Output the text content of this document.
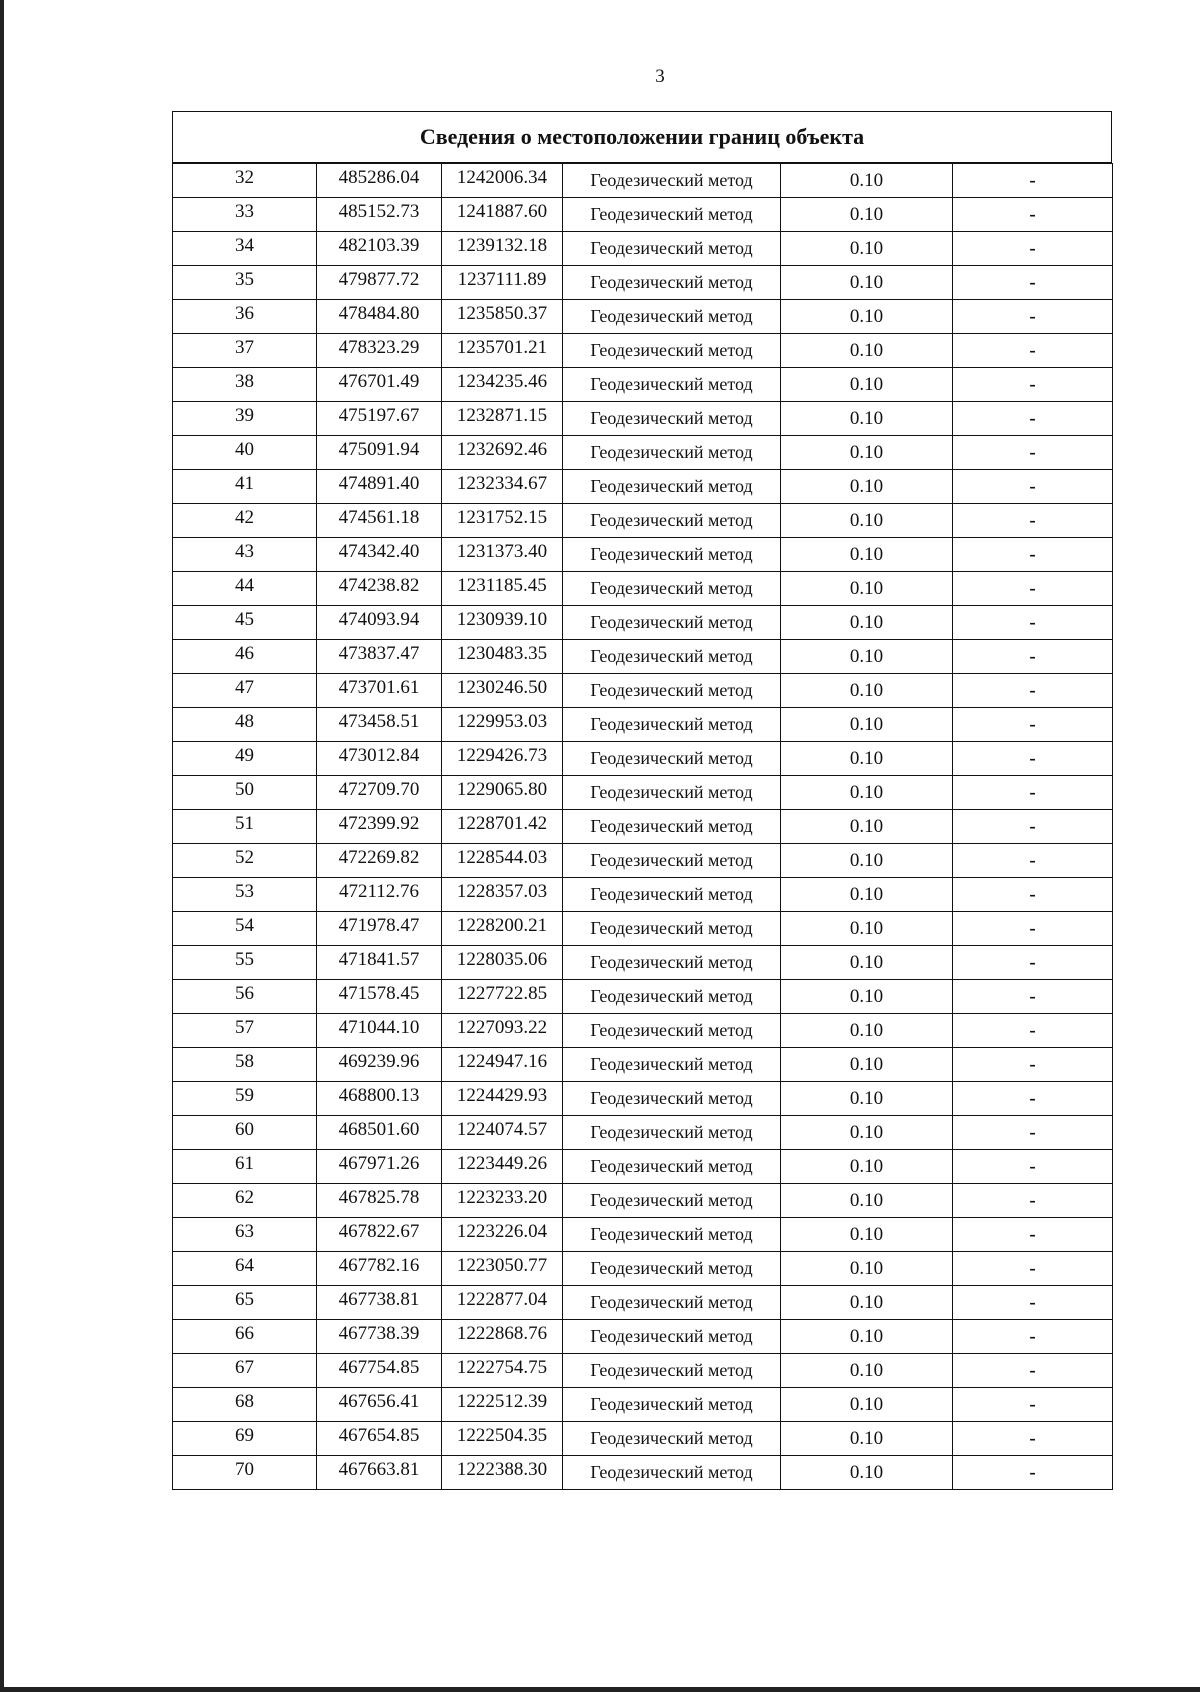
3
Сведения о местоположении границ объекта
32	485286.04	1242006.34	Геодезический метод	0.10	-
33	485152.73	1241887.60	Геодезический метод	0.10	-
34	482103.39	1239132.18	Геодезический метод	0.10	-
35	479877.72	1237111.89	Геодезический метод	0.10	-
36	478484.80	1235850.37	Геодезический метод	0.10	-
37	478323.29	1235701.21	Геодезический метод	0.10	-
38	476701.49	1234235.46	Геодезический метод	0.10	-
39	475197.67	1232871.15	Геодезический метод	0.10	-
40	475091.94	1232692.46	Геодезический метод	0.10	-
41	474891.40	1232334.67	Геодезический метод	0.10	-
42	474561.18	1231752.15	Геодезический метод	0.10	-
43	474342.40	1231373.40	Геодезический метод	0.10	-
44	474238.82	1231185.45	Геодезический метод	0.10	-
45	474093.94	1230939.10	Геодезический метод	0.10	-
46	473837.47	1230483.35	Геодезический метод	0.10	-
47	473701.61	1230246.50	Геодезический метод	0.10	-
48	473458.51	1229953.03	Геодезический метод	0.10	-
49	473012.84	1229426.73	Геодезический метод	0.10	-
50	472709.70	1229065.80	Геодезический метод	0.10	-
51	472399.92	1228701.42	Геодезический метод	0.10	-
52	472269.82	1228544.03	Геодезический метод	0.10	-
53	472112.76	1228357.03	Геодезический метод	0.10	-
54	471978.47	1228200.21	Геодезический метод	0.10	-
55	471841.57	1228035.06	Геодезический метод	0.10	-
56	471578.45	1227722.85	Геодезический метод	0.10	-
57	471044.10	1227093.22	Геодезический метод	0.10	-
58	469239.96	1224947.16	Геодезический метод	0.10	-
59	468800.13	1224429.93	Геодезический метод	0.10	-
60	468501.60	1224074.57	Геодезический метод	0.10	-
61	467971.26	1223449.26	Геодезический метод	0.10	-
62	467825.78	1223233.20	Геодезический метод	0.10	-
63	467822.67	1223226.04	Геодезический метод	0.10	-
64	467782.16	1223050.77	Геодезический метод	0.10	-
65	467738.81	1222877.04	Геодезический метод	0.10	-
66	467738.39	1222868.76	Геодезический метод	0.10	-
67	467754.85	1222754.75	Геодезический метод	0.10	-
68	467656.41	1222512.39	Геодезический метод	0.10	-
69	467654.85	1222504.35	Геодезический метод	0.10	-
70	467663.81	1222388.30	Геодезический метод	0.10	-
